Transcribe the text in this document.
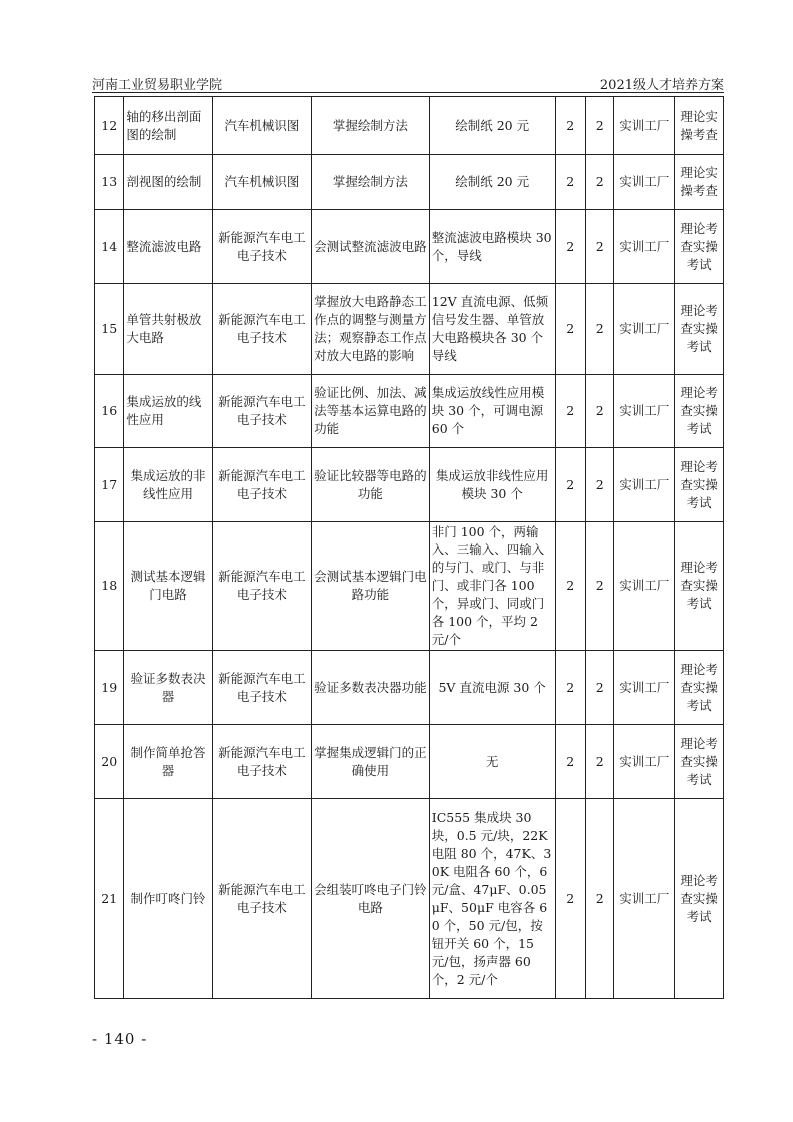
河南工业贸易职业学院	2021级人才培养方案
12	轴的移出剖面图的绘制	汽车机械识图	掌握绘制方法	绘制纸 20 元	2	2	实训工厂	理论实操考查
13	剖视图的绘制	汽车机械识图	掌握绘制方法	绘制纸 20 元	2	2	实训工厂	理论实操考查
14	整流滤波电路	新能源汽车电工电子技术	会测试整流滤波电路	整流滤波电路模块 30 个，导线	2	2	实训工厂	理论考查实操考试
15	单管共射极放大电路	新能源汽车电工电子技术	掌握放大电路静态工作点的调整与测量方法；观察静态工作点对放大电路的影响	12V 直流电源、低频信号发生器、单管放大电路模块各 30 个导线	2	2	实训工厂	理论考查实操考试
16	集成运放的线性应用	新能源汽车电工电子技术	验证比例、加法、减法等基本运算电路的功能	集成运放线性应用模块 30 个，可调电源 60 个	2	2	实训工厂	理论考查实操考试
17	集成运放的非线性应用	新能源汽车电工电子技术	验证比较器等电路的功能	集成运放非线性应用模块 30 个	2	2	实训工厂	理论考查实操考试
18	测试基本逻辑门电路	新能源汽车电工电子技术	会测试基本逻辑门电路功能	非门 100 个，两输入、三输入、四输入的与门、或门、与非门、或非门各 100 个，异或门、同或门各 100 个，平均 2 元/个	2	2	实训工厂	理论考查实操考试
19	验证多数表决器	新能源汽车电工电子技术	验证多数表决器功能	5V 直流电源 30 个	2	2	实训工厂	理论考查实操考试
20	制作简单抢答器	新能源汽车电工电子技术	掌握集成逻辑门的正确使用	无	2	2	实训工厂	理论考查实操考试
21	制作叮咚门铃	新能源汽车电工电子技术	会组装叮咚电子门铃电路	IC555 集成块 30 块，0.5 元/块，22K 电阻 80 个，47K、30K 电阻各 60 个，6 元/盒、47μF、0.05μF、50μF 电容各 60 个，50 元/包，按钮开关 60 个，15 元/包，扬声器 60 个，2 元/个	2	2	实训工厂	理论考查实操考试
- 140 -
